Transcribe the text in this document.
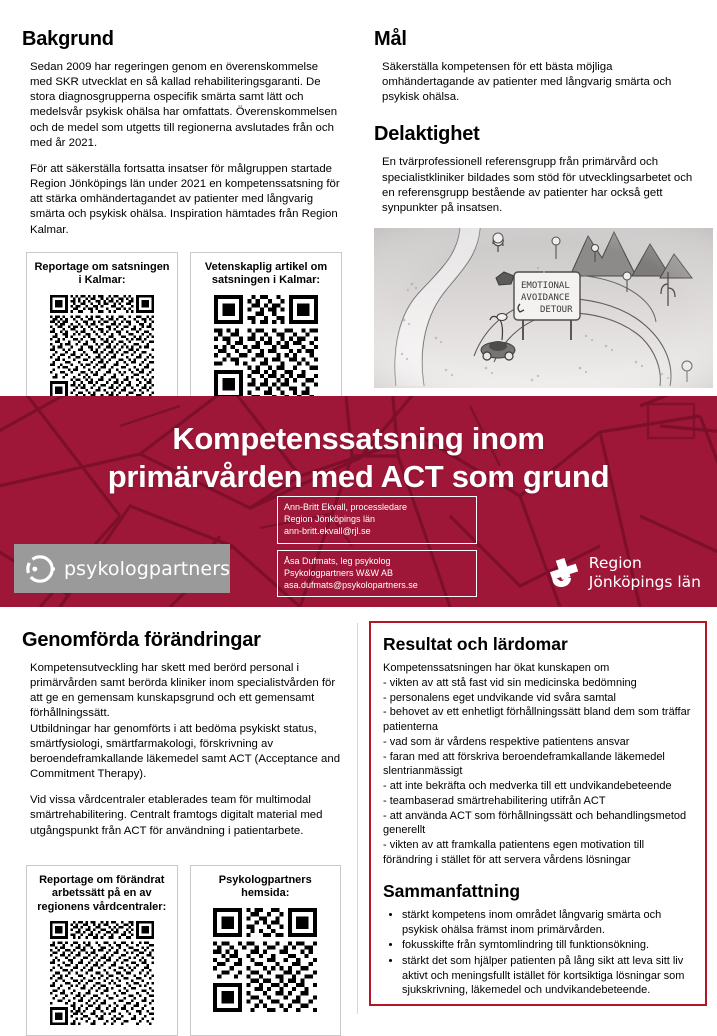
Bakgrund

Sedan 2009 har regeringen genom en överenskommelse med SKR utvecklat en så kallad rehabiliteringsgaranti. De stora diagnosgrupperna ospecifik smärta samt lätt och medelsvår psykisk ohälsa har omfattats. Överenskommelsen och de medel som utgetts till regionerna avslutades från och med år 2021.

För att säkerställa fortsatta insatser för målgruppen startade Region Jönköpings län under 2021 en kompetenssatsning för att stärka omhändertagandet av patienter med långvarig smärta och psykisk ohälsa. Inspiration hämtades från Region Kalmar.

Reportage om satsningen i Kalmar:
Vetenskaplig artikel om satsningen i Kalmar:
Mål

Säkerställa kompetensen för ett bästa möjliga omhändertagande av patienter med långvarig smärta och psykisk ohälsa.

Delaktighet

En tvärprofessionell referensgrupp från primärvård och specialistkliniker bildades som stöd för utvecklingsarbetet och en referensgrupp bestående av patienter har också gett synpunkter på insatsen.

Kompetenssatsning inom
primärvården med ACT som grund
psykologpartners
Ann-Britt Ekvall, processledare
Region Jönköpings län
ann-britt.ekvall@rjl.se
Åsa Dufmats, leg psykolog
Psykologpartners W&W AB
asa.dufmats@psykolopartners.se
Region
Jönköpings län
Genomförda förändringar

Kompetensutveckling har skett med berörd personal i primärvården samt berörda kliniker inom specialistvården för att ge en gemensam kunskapsgrund och ett gemensamt förhållningssätt.

Utbildningar har genomförts i att bedöma psykiskt status, smärtfysiologi, smärtfarmakologi, förskrivning av beroendeframkallande läkemedel samt ACT (Acceptance and Commitment Therapy).

Vid vissa vårdcentraler etablerades team för multimodal smärtrehabilitering. Centralt framtogs digitalt material med utgångspunkt från ACT för användning i patientarbete.

Reportage om förändrat arbetssätt på en av regionens vårdcentraler:
Psykologpartners hemsida:
Resultat och lärdomar

Kompetenssatsningen har ökat kunskapen om

- vikten av att stå fast vid sin medicinska bedömning
- personalens eget undvikande vid svåra samtal
- behovet av ett enhetligt förhållningssätt bland dem som träffar patienterna
- vad som är vårdens respektive patientens ansvar
- faran med att förskriva beroendeframkallande läkemedel slentrianmässigt
- att inte bekräfta och medverka till ett undvikandebeteende
- teambaserad smärtrehabilitering utifrån ACT
- att använda ACT som förhållningssätt och behandlingsmetod generellt
- vikten av att framkalla patientens egen motivation till förändring i stället för att servera vårdens lösningar
Sammanfattning
• stärkt kompetens inom området långvarig smärta och psykisk ohälsa främst inom primärvården.
• fokusskifte från symtomlindring till funktionsökning.
• stärkt det som hjälper patienten på lång sikt att leva sitt liv aktivt och meningsfullt istället för kortsiktiga lösningar som sjukskrivning, läkemedel och undvikandebeteende.
